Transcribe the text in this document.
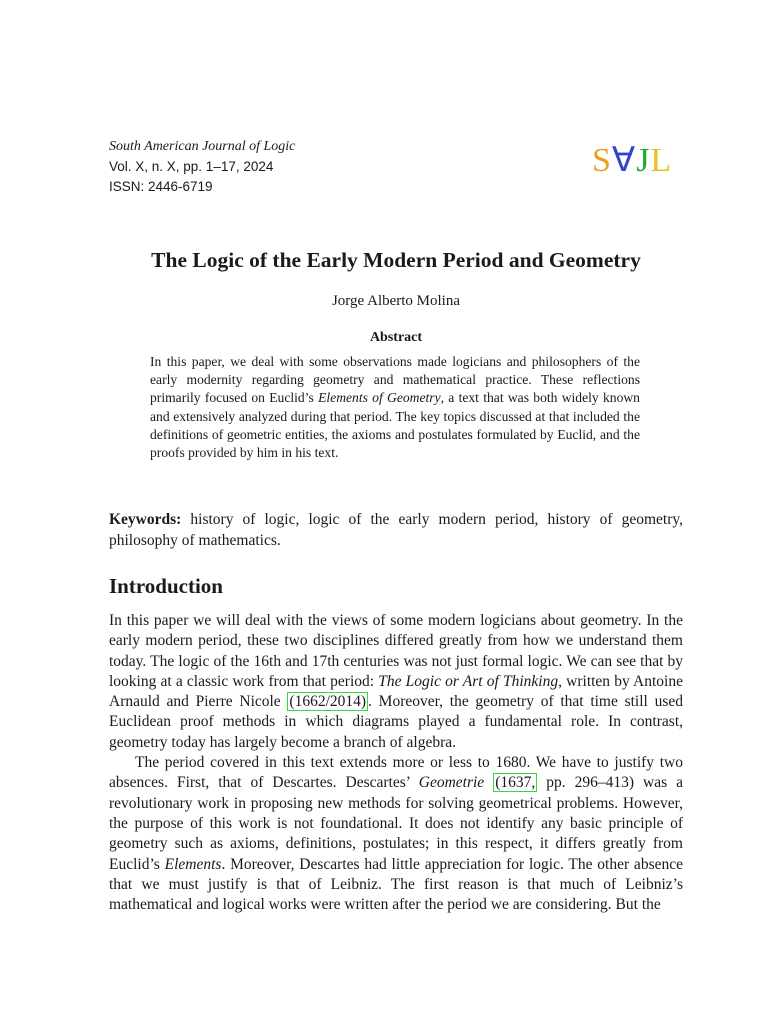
South American Journal of Logic
Vol. X, n. X, pp. 1–17, 2024
ISSN: 2446-6719
S ∀ J L
The Logic of the Early Modern Period and Geometry
Jorge Alberto Molina
Abstract
In this paper, we deal with some observations made logicians and philosophers of the early modernity regarding geometry and mathematical practice. These reflections primarily focused on Euclid’s Elements of Geometry, a text that was both widely known and extensively analyzed during that period. The key topics discussed at that included the definitions of geometric entities, the axioms and postulates formulated by Euclid, and the proofs provided by him in his text.
Keywords: history of logic, logic of the early modern period, history of geometry, philosophy of mathematics.
Introduction

In this paper we will deal with the views of some modern logicians about geometry. In the early modern period, these two disciplines differed greatly from how we understand them today. The logic of the 16th and 17th centuries was not just formal logic. We can see that by looking at a classic work from that period: The Logic or Art of Thinking, written by Antoine Arnauld and Pierre Nicole (1662/2014) . Moreover, the geometry of that time still used Euclidean proof methods in which diagrams played a fundamental role. In contrast, geometry today has largely become a branch of algebra.

The period covered in this text extends more or less to 1680. We have to justify two absences. First, that of Descartes. Descartes’ Geometrie (1637, pp. 296–413) was a revolutionary work in proposing new methods for solving geometrical problems. However, the purpose of this work is not foundational. It does not identify any basic principle of geometry such as axioms, definitions, postulates; in this respect, it differs greatly from Euclid’s Elements. Moreover, Descartes had little appreciation for logic. The other absence that we must justify is that of Leibniz. The first reason is that much of Leibniz’s mathematical and logical works were written after the period we are considering. But the
